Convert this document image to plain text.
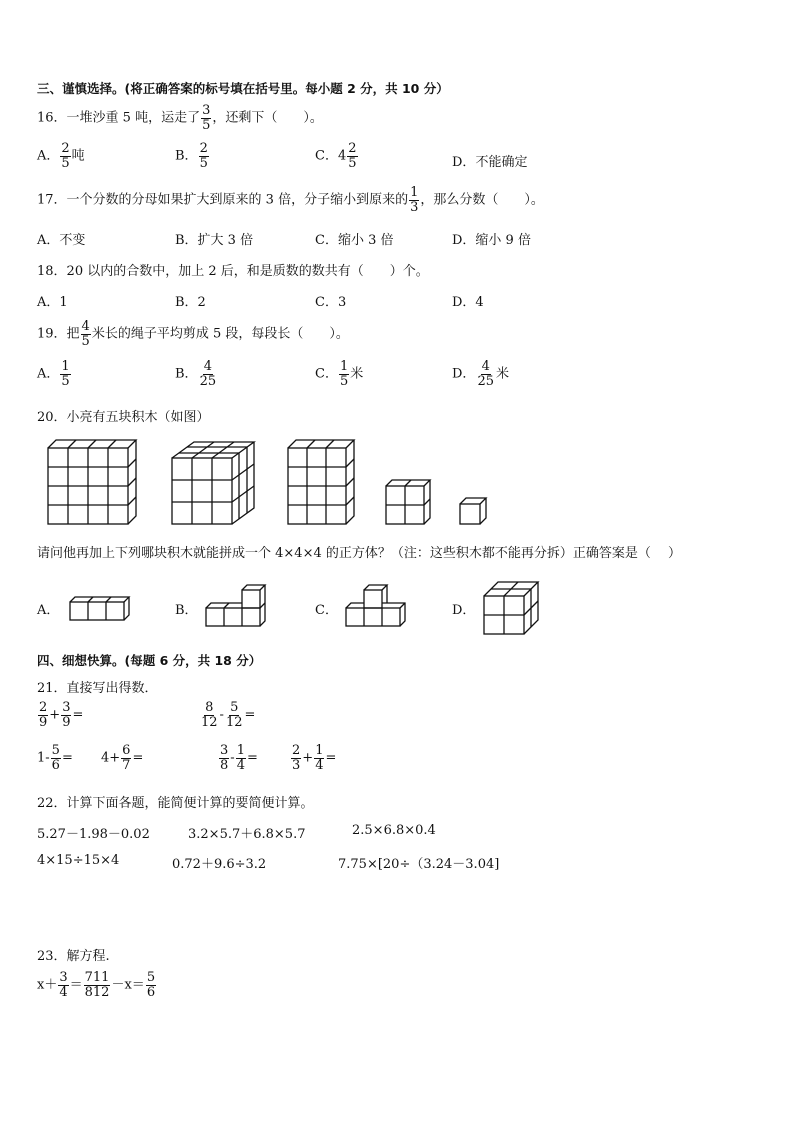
三、谨慎选择。(将正确答案的标号填在括号里。每小题 2 分，共 10 分）
16．一堆沙重 5 吨，运走了 $\frac{3}{5}$ ，还剩下（　　）。
A． $\frac{2}{5}$ 吨	B． $\frac{2}{5}$	C．$4 \frac{2}{5}$	D．不能确定
17．一个分数的分母如果扩大到原来的 3 倍，分子缩小到原来的 $\frac{1}{3}$ ，那么分数（　　）。
A．不变	B．扩大 3 倍	C．缩小 3 倍	D．缩小 9 倍
18．20 以内的合数中，加上 2 后，和是质数的数共有（　　）个。
A．1	B．2	C．3	D．4
19．把 $\frac{4}{5}$ 米长的绳子平均剪成 5 段，每段长（　　）。
A． $\frac{1}{5}$	B． $\frac{4}{25}$	C． $\frac{1}{5}$ 米	D． $\frac{4}{25}$ 米
20．小亮有五块积木（如图）
请问他再加上下列哪块积木就能拼成一个 4×4×4 的正方体？（注：这些积木都不能再分拆）正确答案是（　 ）
A．	B．	C．	D．
四、细想快算。(每题 6 分，共 18 分）
21．直接写出得数．
$\frac{2}{9} + \frac{3}{9}$ =	$\frac{8}{12} - \frac{5}{12}$ =
$1- \frac{5}{6} = 4+ \frac{6}{7}$ =	$\frac{3}{8} - \frac{1}{4}$ =	$\frac{2}{3} + \frac{1}{4}$ =
22．计算下面各题，能简便计算的要简便计算。
5.27－1.98－0.02	3.2×5.7＋6.8×5.7	2.5×6.8×0.4
4×15÷15×4	0.72＋9.6÷3.2	7.75×[20÷（3.24－3.04]
23．解方程.
$x+ \frac{3}{4} = \frac{711}{812} -x= \frac{5}{6}$
